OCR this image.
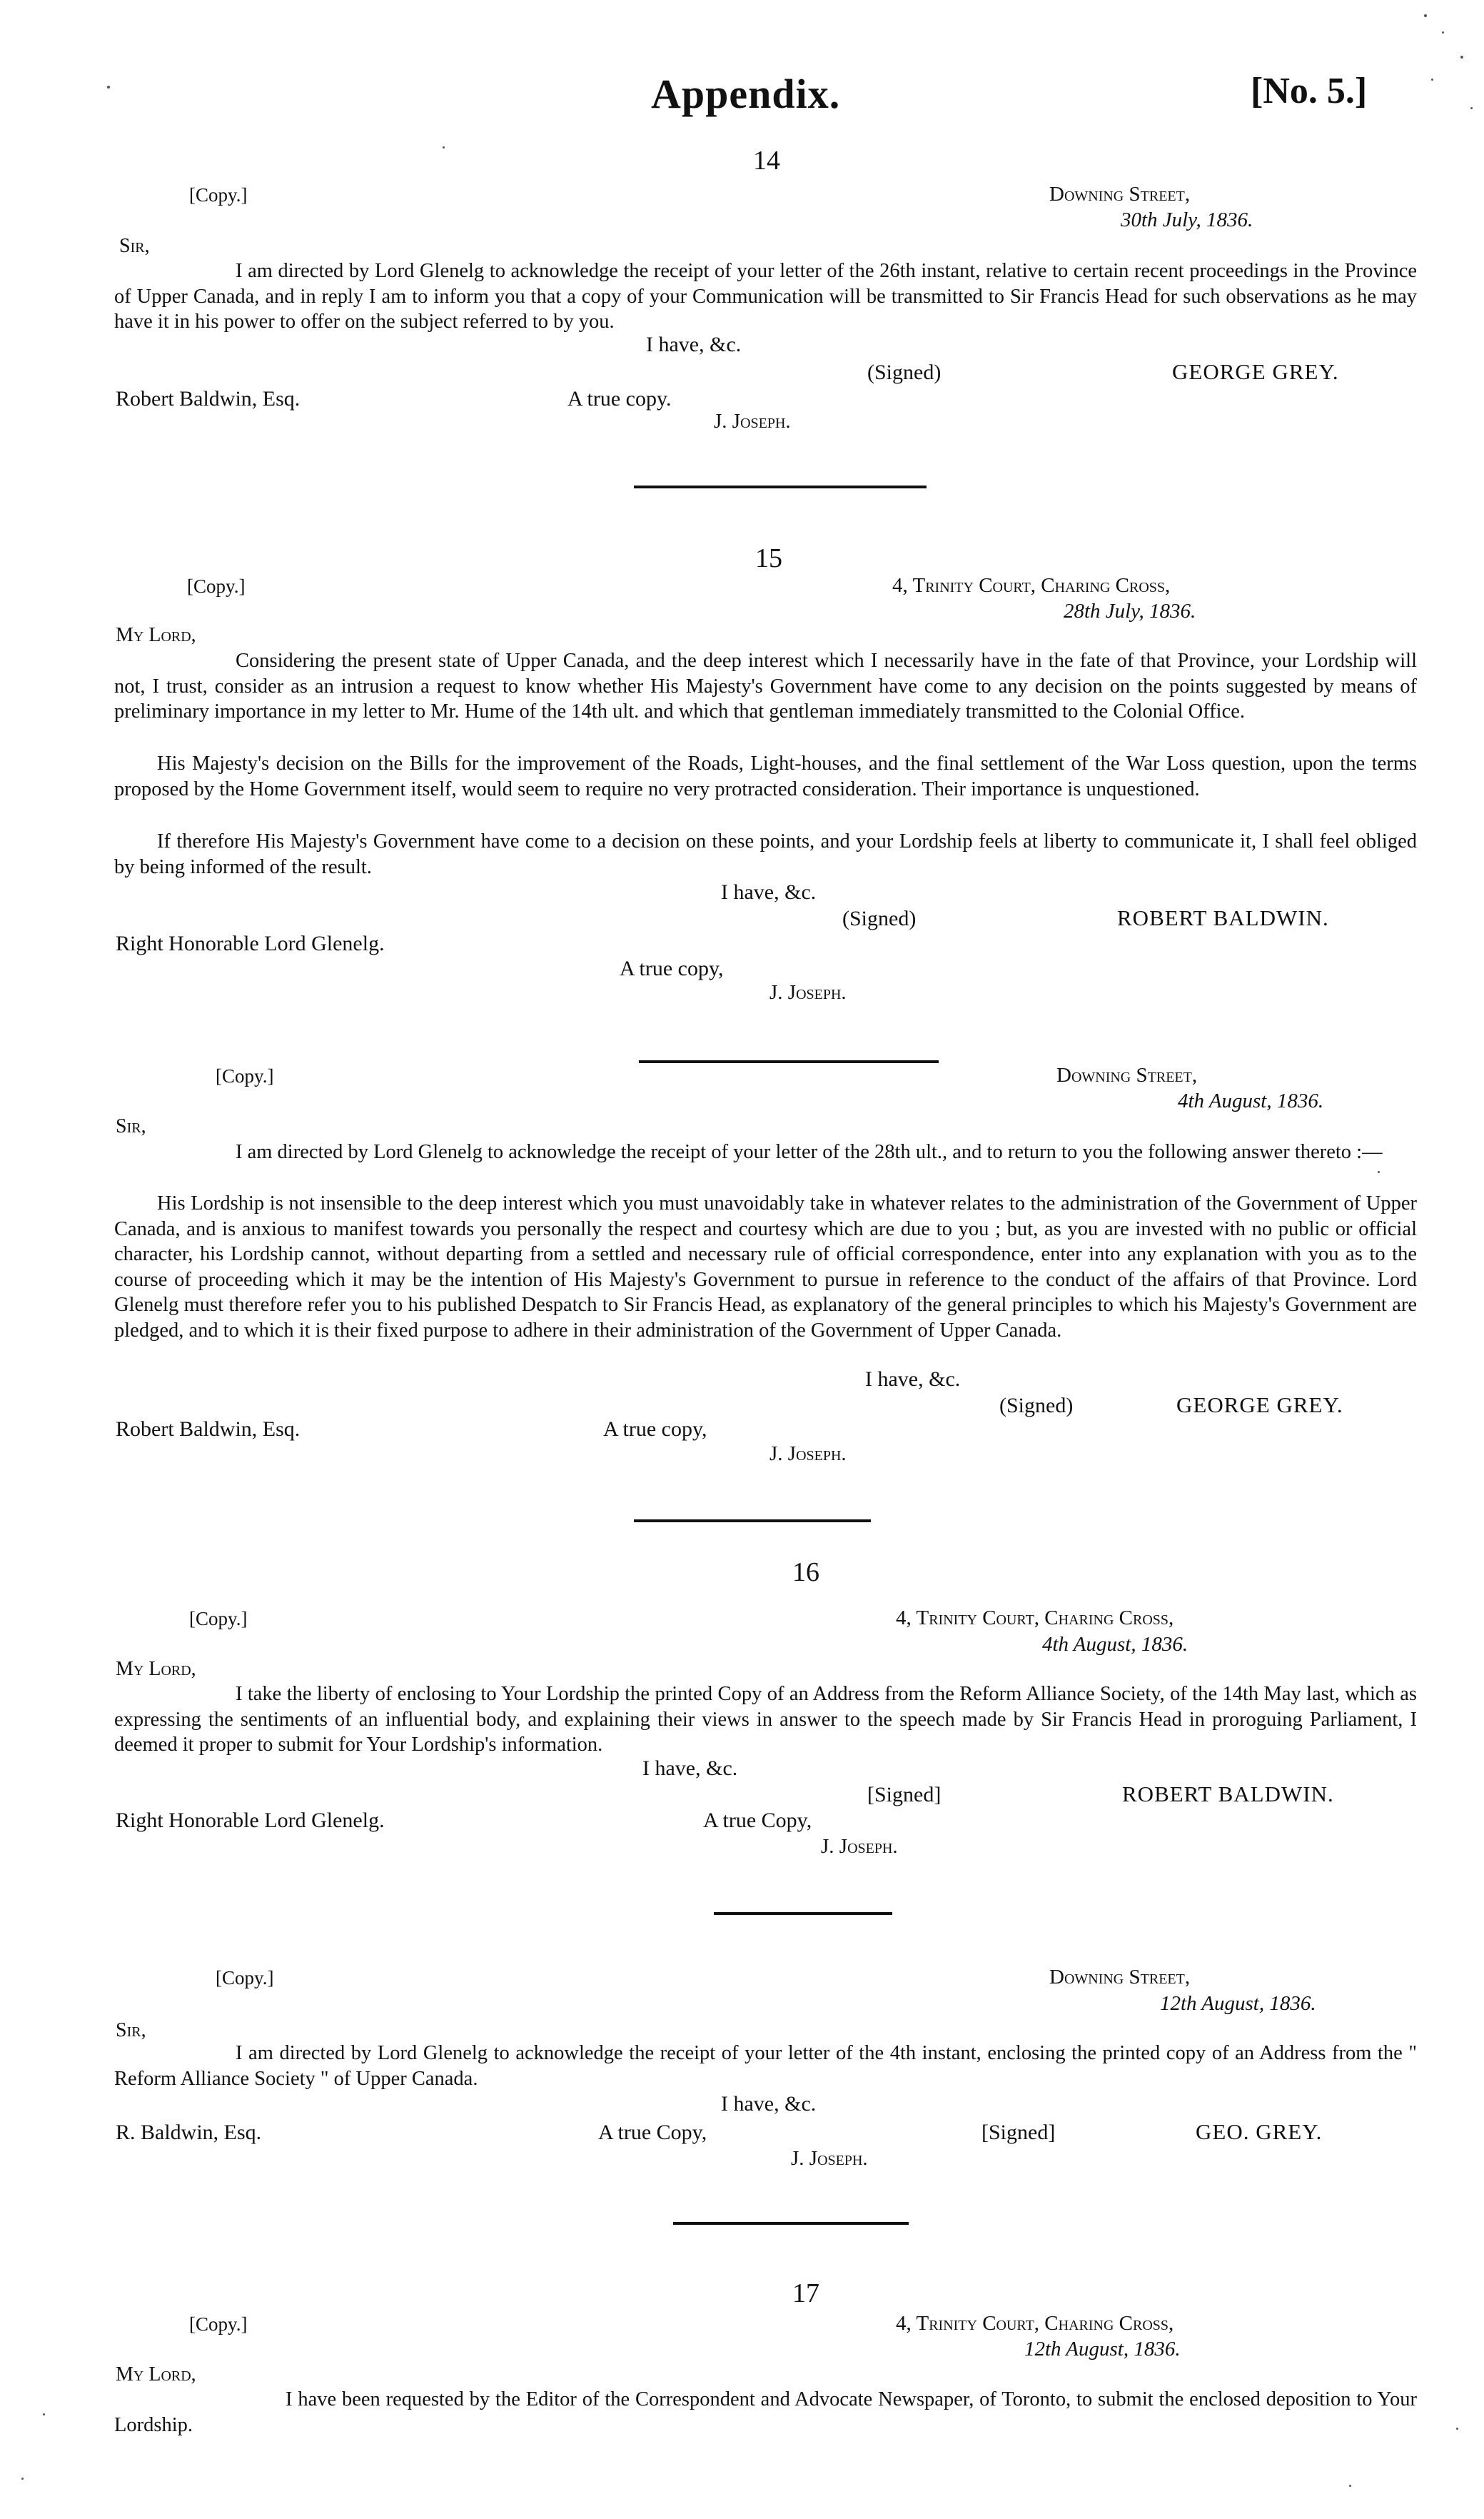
Appendix.	[No. 5.]
14
[Copy.]	Downing Street,
30th July, 1836.
Sir,
I am directed by Lord Glenelg to acknowledge the receipt of your letter of the 26th instant, relative to certain recent proceedings in the Province of Upper Canada, and in reply I am to inform you that a copy of your Communication will be transmitted to Sir Francis Head for such observations as he may have it in his power to offer on the subject referred to by you.
I have, &c.
(Signed)	GEORGE GREY.
Robert Baldwin, Esq.	A true copy.
J. Joseph.
15
[Copy.]	4, Trinity Court, Charing Cross,
28th July, 1836.
My Lord,
Considering the present state of Upper Canada, and the deep interest which I necessarily have in the fate of that Province, your Lordship will not, I trust, consider as an intrusion a request to know whether His Majesty's Government have come to any decision on the points suggested by means of preliminary importance in my letter to Mr. Hume of the 14th ult. and which that gentleman immediately transmitted to the Colonial Office.
His Majesty's decision on the Bills for the improvement of the Roads, Light-houses, and the final settlement of the War Loss question, upon the terms proposed by the Home Government itself, would seem to require no very protracted consideration. Their importance is unquestioned.
If therefore His Majesty's Government have come to a decision on these points, and your Lordship feels at liberty to communicate it, I shall feel obliged by being informed of the result.
I have, &c.
(Signed)	ROBERT BALDWIN.
Right Honorable Lord Glenelg.
A true copy,
J. Joseph.
[Copy.]	Downing Street,
4th August, 1836.
Sir,
I am directed by Lord Glenelg to acknowledge the receipt of your letter of the 28th ult., and to return to you the following answer thereto :—
His Lordship is not insensible to the deep interest which you must unavoidably take in whatever relates to the administration of the Government of Upper Canada, and is anxious to manifest towards you personally the respect and courtesy which are due to you ; but, as you are invested with no public or official character, his Lordship cannot, without departing from a settled and necessary rule of official correspondence, enter into any explanation with you as to the course of proceeding which it may be the intention of His Majesty's Government to pursue in reference to the conduct of the affairs of that Province. Lord Glenelg must therefore refer you to his published Despatch to Sir Francis Head, as explanatory of the general principles to which his Majesty's Government are pledged, and to which it is their fixed purpose to adhere in their administration of the Government of Upper Canada.
I have, &c.
(Signed)	GEORGE GREY.
Robert Baldwin, Esq.	A true copy,
J. Joseph.
16
[Copy.]	4, Trinity Court, Charing Cross,
4th August, 1836.
My Lord,
I take the liberty of enclosing to Your Lordship the printed Copy of an Address from the Reform Alliance Society, of the 14th May last, which as expressing the sentiments of an influential body, and explaining their views in answer to the speech made by Sir Francis Head in proroguing Parliament, I deemed it proper to submit for Your Lordship's information.
I have, &c.
[Signed]	ROBERT BALDWIN.
Right Honorable Lord Glenelg.	A true Copy,
J. Joseph.
[Copy.]	Downing Street,
12th August, 1836.
Sir,
I am directed by Lord Glenelg to acknowledge the receipt of your letter of the 4th instant, enclosing the printed copy of an Address from the " Reform Alliance Society " of Upper Canada.
I have, &c.
[Signed]	GEO. GREY.
R. Baldwin, Esq.	A true Copy,
J. Joseph.
17
[Copy.]	4, Trinity Court, Charing Cross,
12th August, 1836.
My Lord,
I have been requested by the Editor of the Correspondent and Advocate Newspaper, of Toronto, to submit the enclosed deposition to Your Lordship.
